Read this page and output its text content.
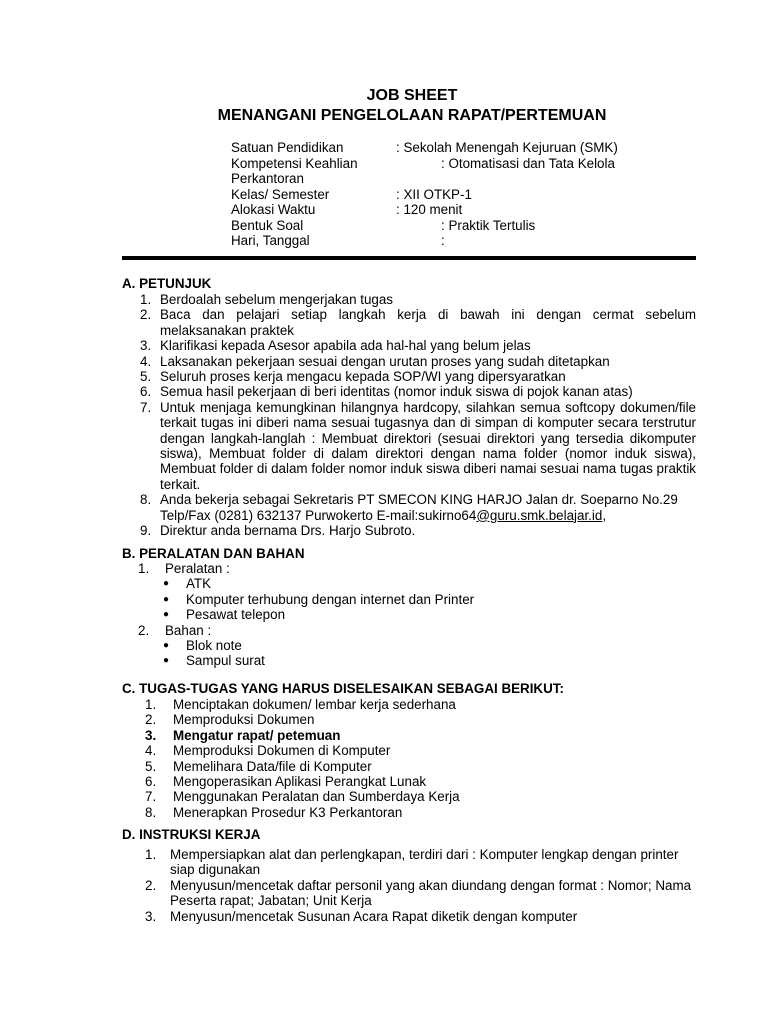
JOB SHEET
MENANGANI PENGELOLAAN RAPAT/PERTEMUAN
Satuan Pendidikan	: Sekolah Menengah Kejuruan (SMK)
Kompetensi Keahlian	: Otomatisasi dan Tata Kelola
Perkantoran
Kelas/ Semester	: XII OTKP-1
Alokasi Waktu	: 120 menit
Bentuk Soal	: Praktik Tertulis
Hari, Tanggal	:
A. PETUNJUK
1. Berdoalah sebelum mengerjakan tugas
2. Baca dan pelajari setiap langkah kerja di bawah ini dengan cermat sebelum melaksanakan praktek
3. Klarifikasi kepada Asesor apabila ada hal-hal yang belum jelas
4. Laksanakan pekerjaan sesuai dengan urutan proses yang sudah ditetapkan
5. Seluruh proses kerja mengacu kepada SOP/WI yang dipersyaratkan
6. Semua hasil pekerjaan di beri identitas (nomor induk siswa di pojok kanan atas)
7. Untuk menjaga kemungkinan hilangnya hardcopy, silahkan semua softcopy dokumen/file terkait tugas ini diberi nama sesuai tugasnya dan di simpan di komputer secara terstrutur dengan langkah-langlah : Membuat direktori (sesuai direktori yang tersedia dikomputer siswa), Membuat folder di dalam direktori dengan nama folder (nomor induk siswa), Membuat folder di dalam folder nomor induk siswa diberi namai sesuai nama tugas praktik terkait.
8. Anda bekerja sebagai Sekretaris PT SMECON KING HARJO Jalan dr. Soeparno No.29 Telp/Fax (0281) 632137 Purwokerto E-mail:sukirno64@guru.smk.belajar.id,
9. Direktur anda bernama Drs. Harjo Subroto.
B. PERALATAN DAN BAHAN
1. Peralatan :
● ATK
● Komputer terhubung dengan internet dan Printer
● Pesawat telepon
2. Bahan :
● Blok note
● Sampul surat
C. TUGAS-TUGAS YANG HARUS DISELESAIKAN SEBAGAI BERIKUT:
1. Menciptakan dokumen/ lembar kerja sederhana
2. Memproduksi Dokumen
3. Mengatur rapat/ petemuan
4. Memproduksi Dokumen di Komputer
5. Memelihara Data/file di Komputer
6. Mengoperasikan Aplikasi Perangkat Lunak
7. Menggunakan Peralatan dan Sumberdaya Kerja
8. Menerapkan Prosedur K3 Perkantoran
D. INSTRUKSI KERJA
1. Mempersiapkan alat dan perlengkapan, terdiri dari : Komputer lengkap dengan printer siap digunakan
2. Menyusun/mencetak daftar personil yang akan diundang dengan format : Nomor; Nama Peserta rapat; Jabatan; Unit Kerja
3. Menyusun/mencetak Susunan Acara Rapat diketik dengan komputer
